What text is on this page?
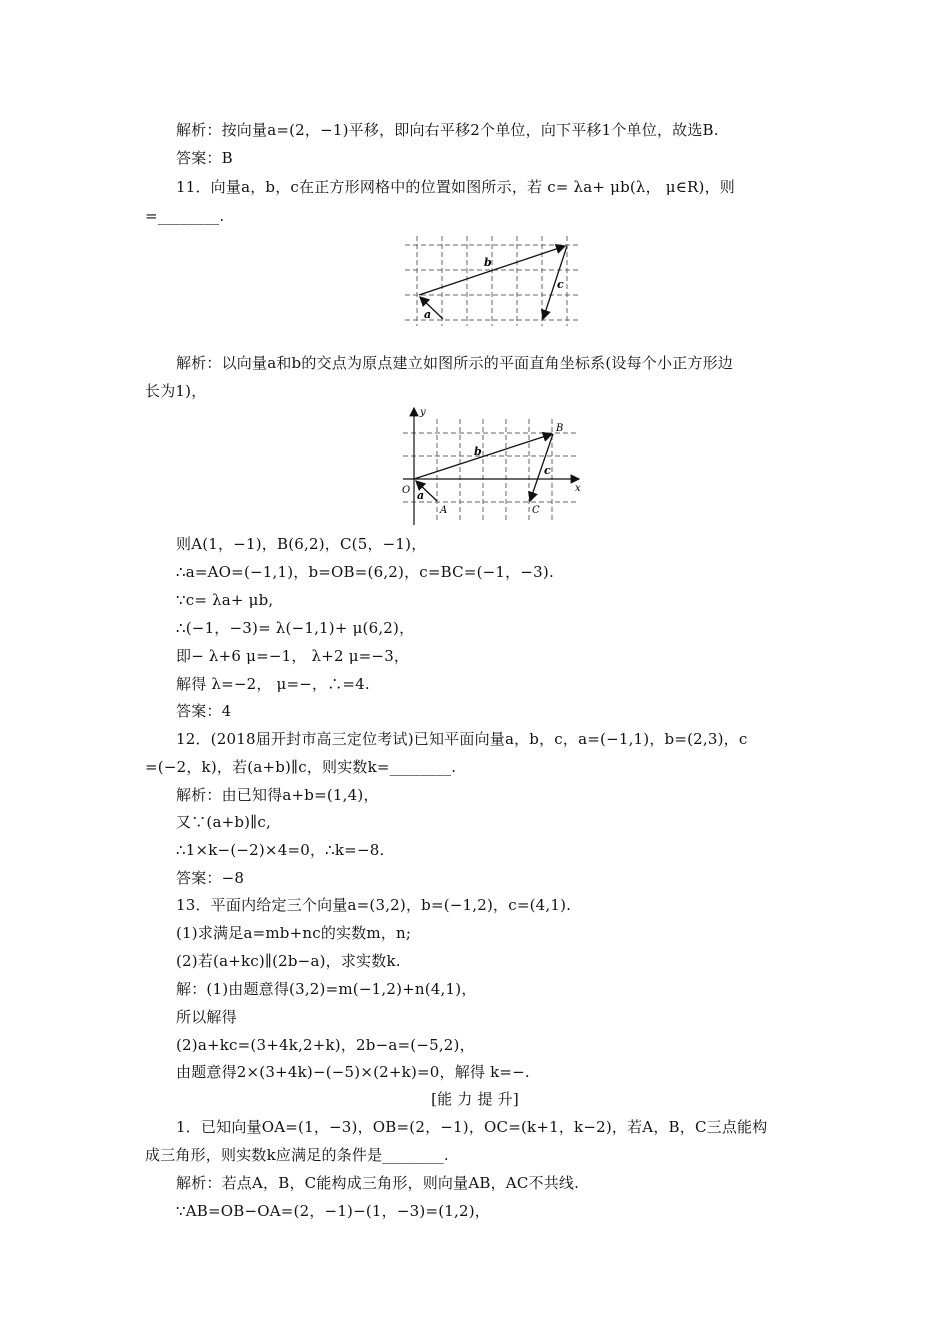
解析：按向量a=(2，−1)平移，即向右平移2个单位，向下平移1个单位，故选B.
答案：B
11．向量a，b，c在正方形网格中的位置如图所示，若 c= λa+ μb(λ， μ∈R)，则
=________.
b
c
a
解析：以向量a和b的交点为原点建立如图所示的平面直角坐标系(设每个小正方形边
长为1)，
y
x
O
A
B
C
b
c
a
则A(1，−1)，B(6,2)，C(5，−1)，
∴a=AO=(−1,1)，b=OB=(6,2)，c=BC=(−1，−3).
∵c= λa+ μb,
∴(−1，−3)= λ(−1,1)+ μ(6,2)，
即− λ+6 μ=−1， λ+2 μ=−3，
解得 λ=−2， μ=−，∴=4.
答案：4
12．(2018届开封市高三定位考试)已知平面向量a，b，c，a=(−1,1)，b=(2,3)，c
=(−2，k)，若(a+b)∥c，则实数k=________.
解析：由已知得a+b=(1,4)，
又∵(a+b)∥c,
∴1×k−(−2)×4=0，∴k=−8.
答案：−8
13．平面内给定三个向量a=(3,2)，b=(−1,2)，c=(4,1).
(1)求满足a=mb+nc的实数m，n;
(2)若(a+kc)∥(2b−a)，求实数k.
解：(1)由题意得(3,2)=m(−1,2)+n(4,1)，
所以解得
(2)a+kc=(3+4k,2+k)，2b−a=(−5,2)，
由题意得2×(3+4k)−(−5)×(2+k)=0，解得 k=−.
[能 力 提 升]
1．已知向量OA=(1，−3)，OB=(2，−1)，OC=(k+1，k−2)，若A，B，C三点能构
成三角形，则实数k应满足的条件是________.
解析：若点A，B，C能构成三角形，则向量AB，AC不共线.
∵AB=OB−OA=(2，−1)−(1，−3)=(1,2)，
